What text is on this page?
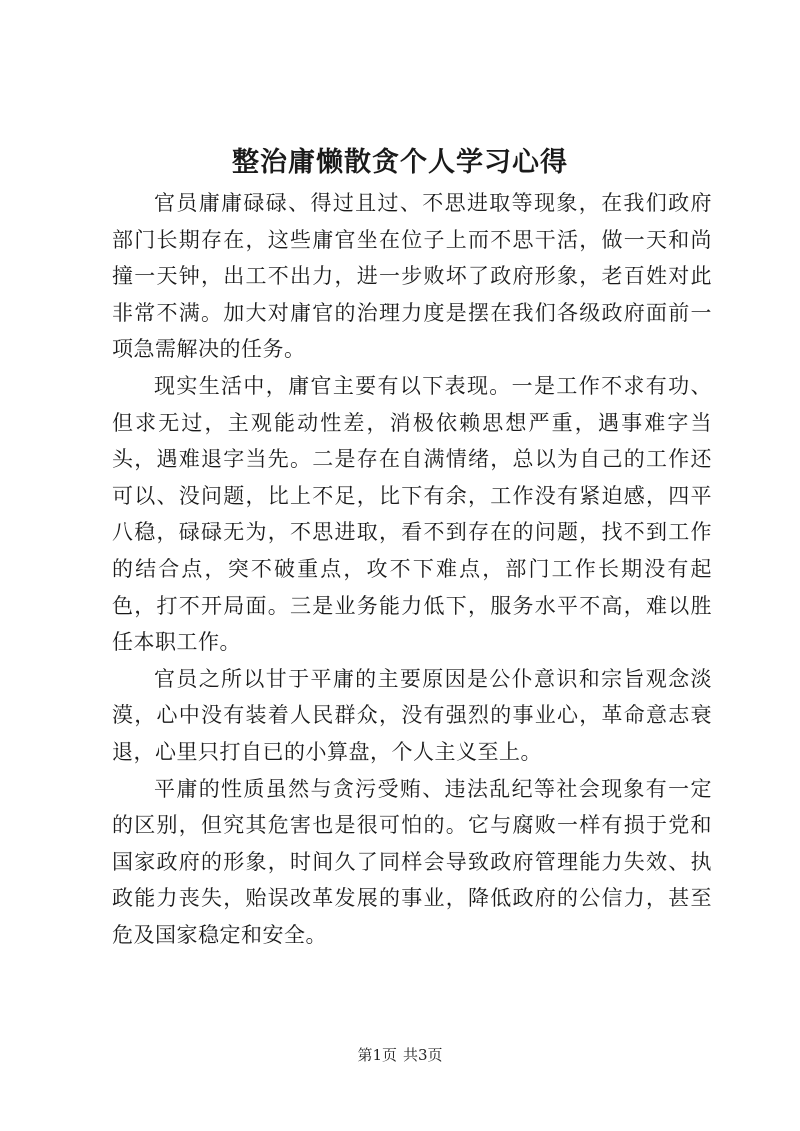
整治庸懒散贪个人学习心得

官员庸庸碌碌、得过且过、不思进取等现象，在我们政府部门长期存在，这些庸官坐在位子上而不思干活，做一天和尚撞一天钟，出工不出力，进一步败坏了政府形象，老百姓对此非常不满。加大对庸官的治理力度是摆在我们各级政府面前一项急需解决的任务。

现实生活中，庸官主要有以下表现。一是工作不求有功、但求无过，主观能动性差，消极依赖思想严重，遇事难字当头，遇难退字当先。二是存在自满情绪，总以为自己的工作还可以、没问题，比上不足，比下有余，工作没有紧迫感，四平八稳，碌碌无为，不思进取，看不到存在的问题，找不到工作的结合点，突不破重点，攻不下难点，部门工作长期没有起色，打不开局面。三是业务能力低下，服务水平不高，难以胜任本职工作。

官员之所以甘于平庸的主要原因是公仆意识和宗旨观念淡漠，心中没有装着人民群众，没有强烈的事业心，革命意志衰退，心里只打自已的小算盘，个人主义至上。

平庸的性质虽然与贪污受贿、违法乱纪等社会现象有一定的区别，但究其危害也是很可怕的。它与腐败一样有损于党和国家政府的形象，时间久了同样会导致政府管理能力失效、执政能力丧失，贻误改革发展的事业，降低政府的公信力，甚至危及国家稳定和安全。

第1页 共3页
